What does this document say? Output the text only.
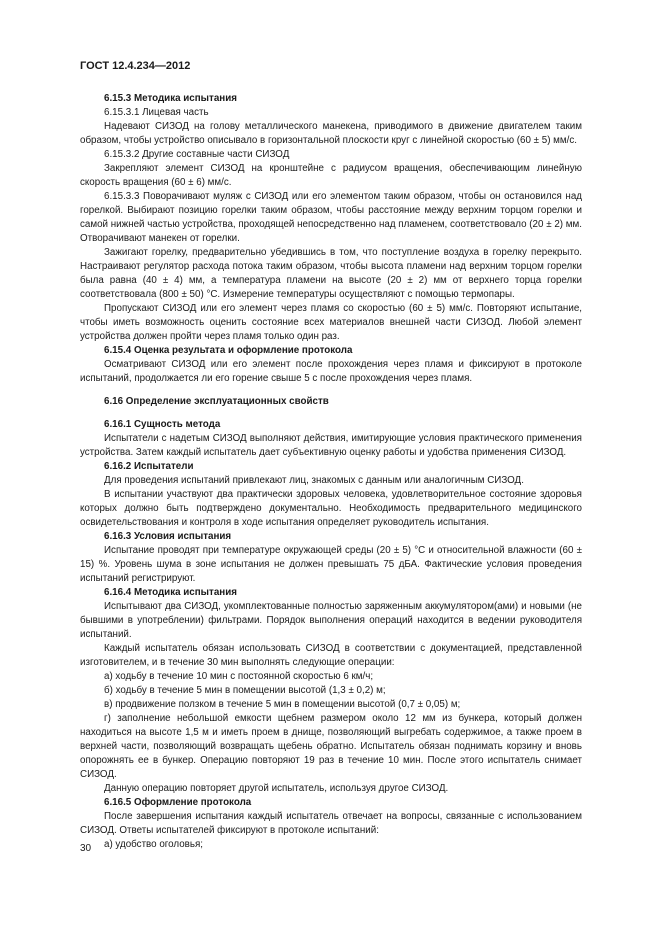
ГОСТ 12.4.234—2012
6.15.3 Методика испытания
6.15.3.1 Лицевая часть

Надевают СИЗОД на голову металлического манекена, приводимого в движение двигателем таким образом, чтобы устройство описывало в горизонтальной плоскости круг с линейной скоростью (60 ± 5) мм/с.

6.15.3.2 Другие составные части СИЗОД

Закрепляют элемент СИЗОД на кронштейне с радиусом вращения, обеспечивающим линейную скорость вращения (60 ± 6) мм/с.

6.15.3.3 Поворачивают муляж с СИЗОД или его элементом таким образом, чтобы он остановился над горелкой. Выбирают позицию горелки таким образом, чтобы расстояние между верхним торцом горелки и самой нижней частью устройства, проходящей непосредственно над пламенем, соответствовало (20 ± 2) мм. Отворачивают манекен от горелки.

Зажигают горелку, предварительно убедившись в том, что поступление воздуха в горелку перекрыто. Настраивают регулятор расхода потока таким образом, чтобы высота пламени над верхним торцом горелки была равна (40 ± 4) мм, а температура пламени на высоте (20 ± 2) мм от верхнего торца горелки соответствовала (800 ± 50) °С. Измерение температуры осуществляют с помощью термопары.

Пропускают СИЗОД или его элемент через пламя со скоростью (60 ± 5) мм/с. Повторяют испытание, чтобы иметь возможность оценить состояние всех материалов внешней части СИЗОД. Любой элемент устройства должен пройти через пламя только один раз.

6.15.4 Оценка результата и оформление протокола

Осматривают СИЗОД или его элемент после прохождения через пламя и фиксируют в протоколе испытаний, продолжается ли его горение свыше 5 с после прохождения через пламя.

6.16 Определение эксплуатационных свойств
6.16.1 Сущность метода

Испытатели с надетым СИЗОД выполняют действия, имитирующие условия практического применения устройства. Затем каждый испытатель дает субъективную оценку работы и удобства применения СИЗОД.

6.16.2 Испытатели

Для проведения испытаний привлекают лиц, знакомых с данным или аналогичным СИЗОД.

В испытании участвуют два практически здоровых человека, удовлетворительное состояние здоровья которых должно быть подтверждено документально. Необходимость предварительного медицинского освидетельствования и контроля в ходе испытания определяет руководитель испытания.

6.16.3 Условия испытания

Испытание проводят при температуре окружающей среды (20 ± 5) °С и относительной влажности (60 ± 15) %. Уровень шума в зоне испытания не должен превышать 75 дБА. Фактические условия проведения испытаний регистрируют.

6.16.4 Методика испытания

Испытывают два СИЗОД, укомплектованные полностью заряженным аккумулятором(ами) и новыми (не бывшими в употреблении) фильтрами. Порядок выполнения операций находится в ведении руководителя испытаний.

Каждый испытатель обязан использовать СИЗОД в соответствии с документацией, представленной изготовителем, и в течение 30 мин выполнять следующие операции:

а) ходьбу в течение 10 мин с постоянной скоростью 6 км/ч;
б) ходьбу в течение 5 мин в помещении высотой (1,3 ± 0,2) м;
в) продвижение ползком в течение 5 мин в помещении высотой (0,7 ± 0,05) м;

г) заполнение небольшой емкости щебнем размером около 12 мм из бункера, который должен находиться на высоте 1,5 м и иметь проем в днище, позволяющий выгребать содержимое, а также проем в верхней части, позволяющий возвращать щебень обратно. Испытатель обязан поднимать корзину и вновь опорожнять ее в бункер. Операцию повторяют 19 раз в течение 10 мин. После этого испытатель снимает СИЗОД.

Данную операцию повторяет другой испытатель, используя другое СИЗОД.

6.16.5 Оформление протокола

После завершения испытания каждый испытатель отвечает на вопросы, связанные с использованием СИЗОД. Ответы испытателей фиксируют в протоколе испытаний:

а) удобство оголовья;
30
